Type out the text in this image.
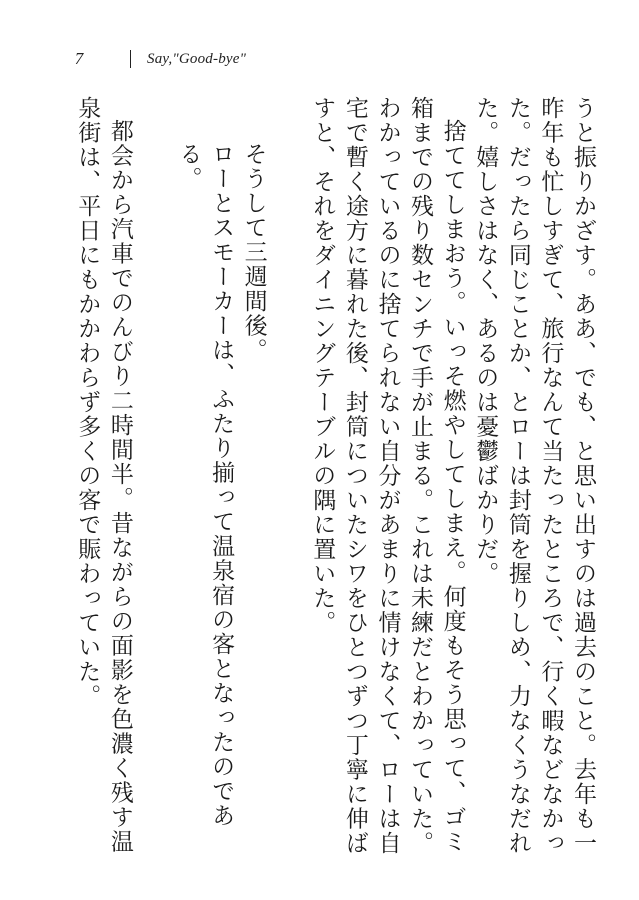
7	Say,"Good-bye"

うと振りかざす。ああ、でも、と思い出すのは過去のこと。去年も一昨年も忙しすぎて、旅行なんて当たったところで、行く暇などなかった。だったら同じことか、とローは封筒を握りしめ、力なくうなだれた。嬉しさはなく、あるのは憂鬱ばかりだ。

捨ててしまおう。いっそ燃やしてしまえ。何度もそう思って、ゴミ箱までの残り数センチで手が止まる。これは未練だとわかっていた。わかっているのに捨てられない自分があまりに情けなくて、ローは自宅で暫く途方に暮れた後、封筒についたシワをひとつずつ丁寧に伸ばすと、それをダイニングテーブルの隅に置いた。

そうして三週間後。

ローとスモーカーは、ふたり揃って温泉宿の客となったのである。

都会から汽車でのんびり二時間半。昔ながらの面影を色濃く残す温泉街は、平日にもかかわらず多くの客で賑わっていた。
